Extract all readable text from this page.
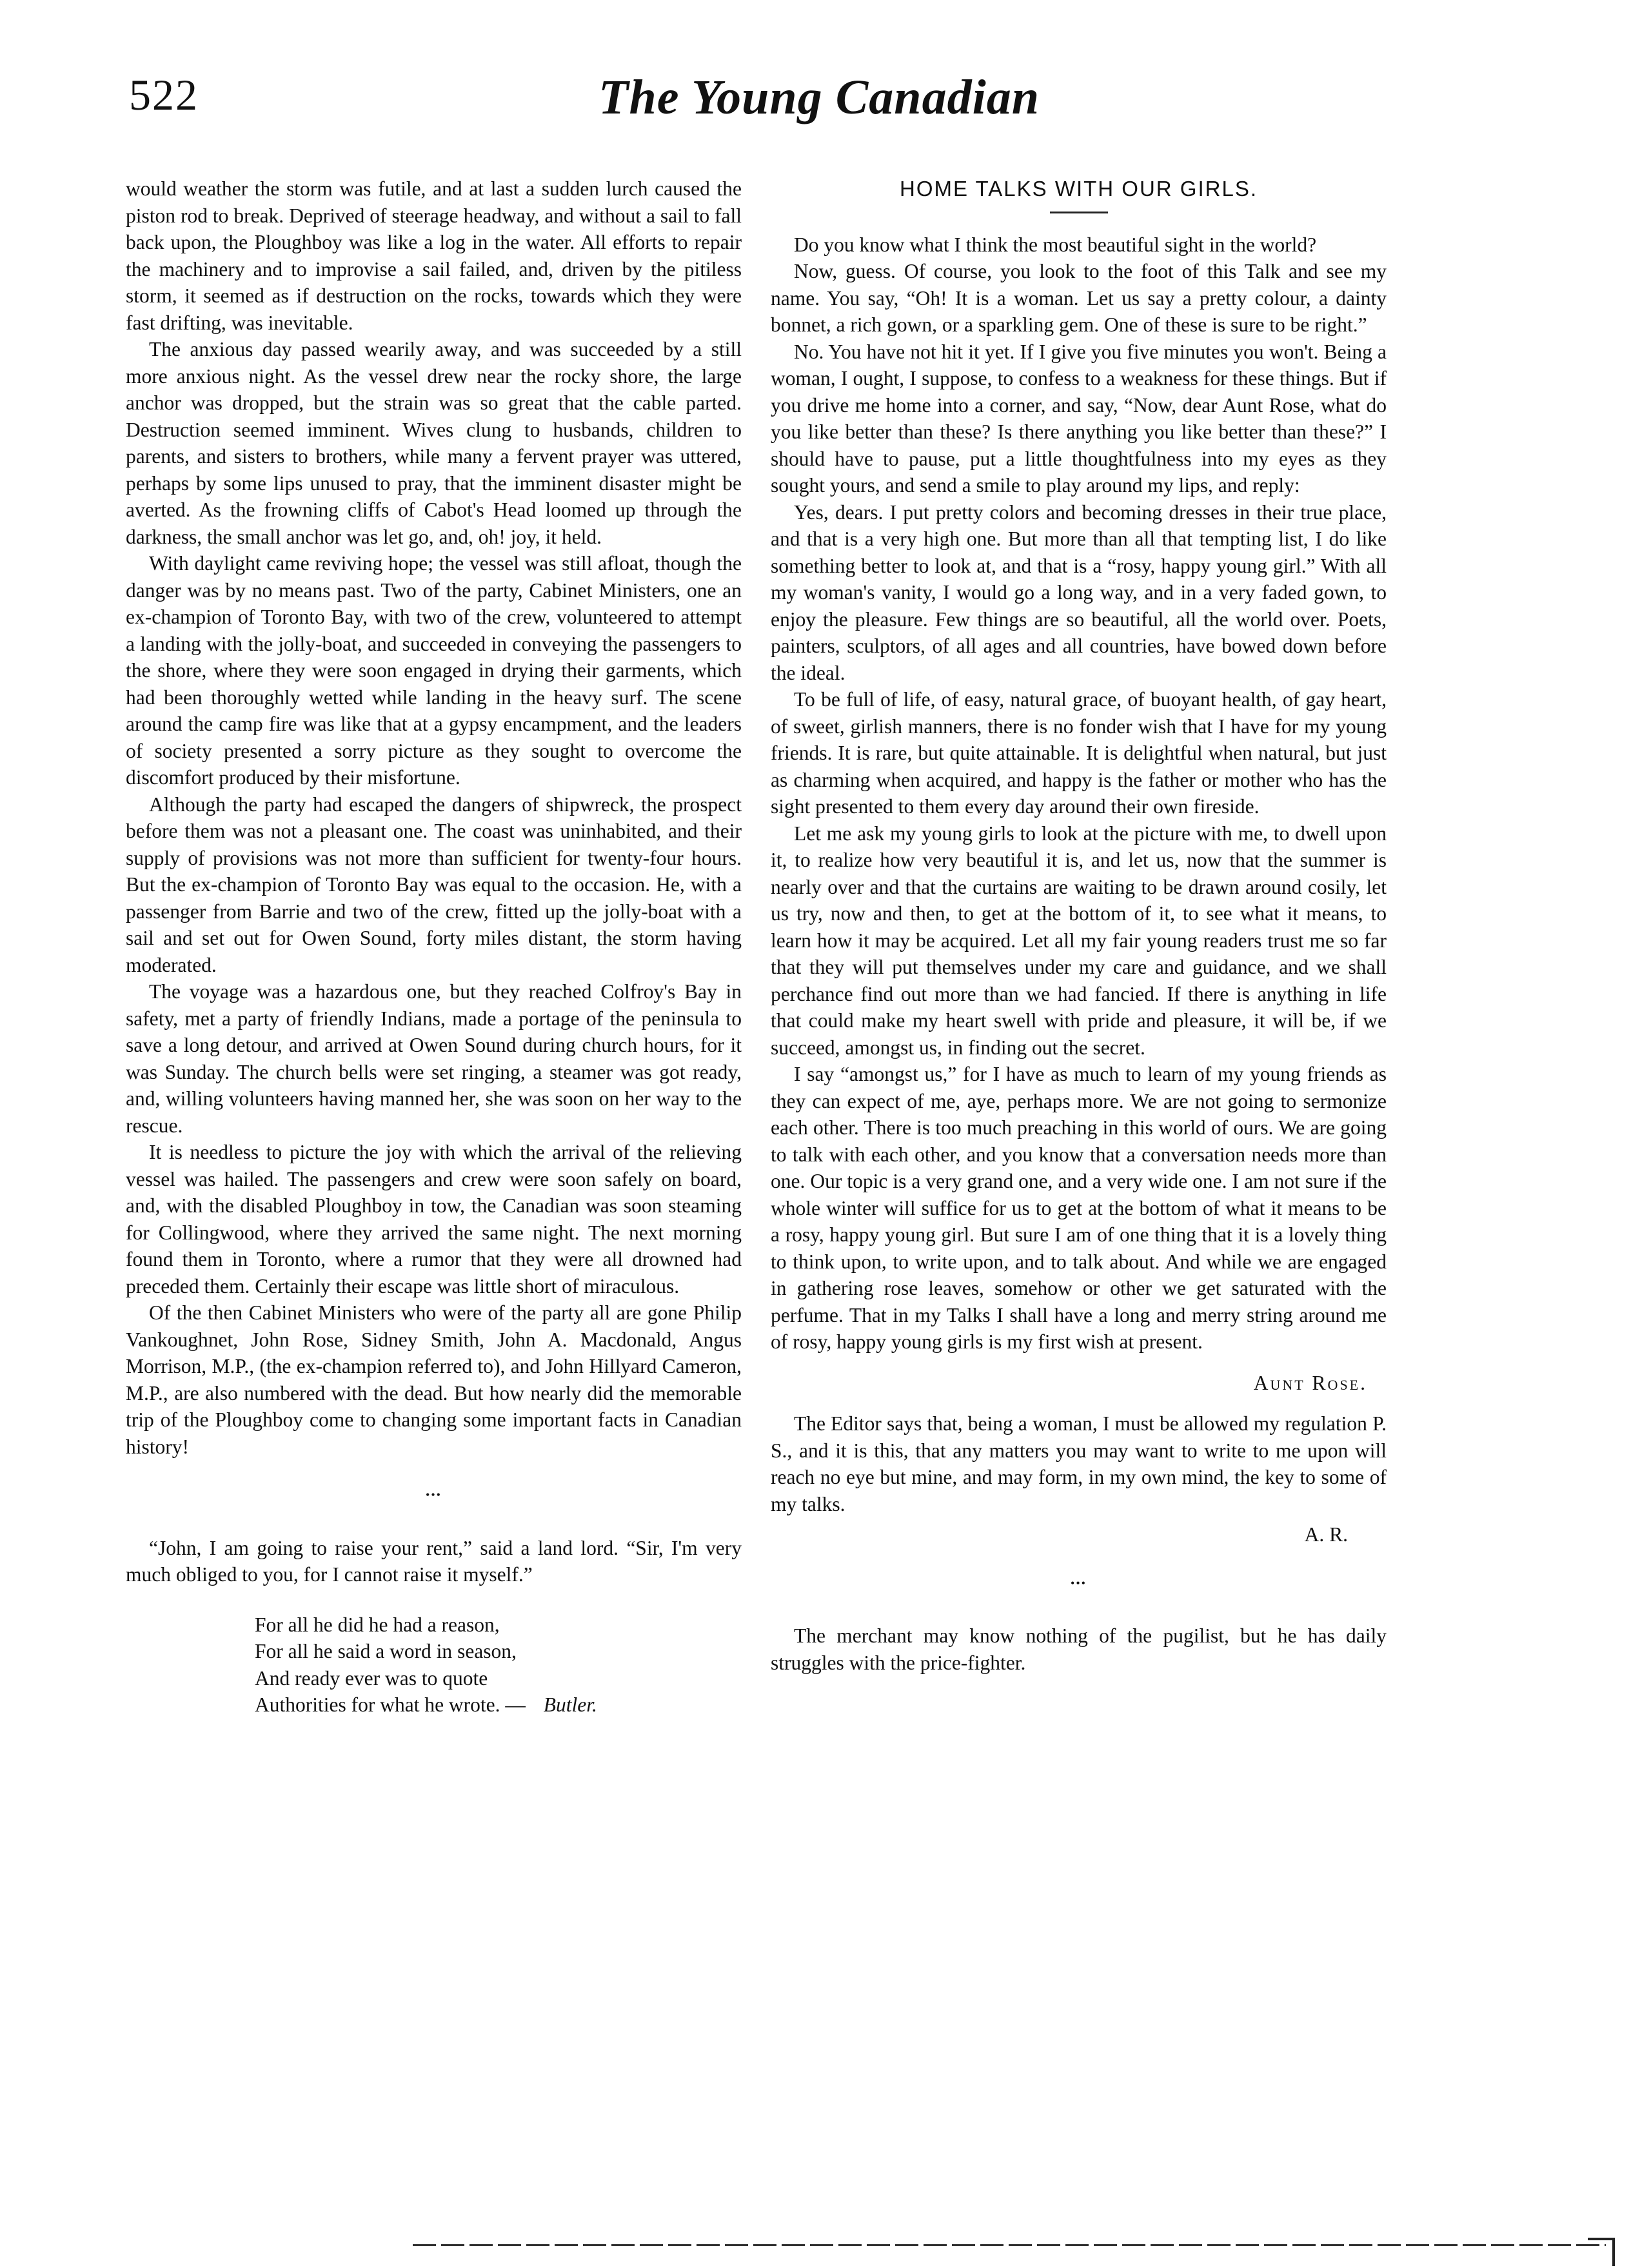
522	The Young Canadian

would weather the storm was futile, and at last a sudden lurch caused the piston rod to break. Deprived of steerage headway, and without a sail to fall back upon, the Ploughboy was like a log in the water. All efforts to repair the machinery and to improvise a sail failed, and, driven by the pitiless storm, it seemed as if destruction on the rocks, towards which they were fast drifting, was inevitable.

The anxious day passed wearily away, and was succeeded by a still more anxious night. As the vessel drew near the rocky shore, the large anchor was dropped, but the strain was so great that the cable parted. Destruction seemed imminent. Wives clung to husbands, children to parents, and sisters to brothers, while many a fervent prayer was uttered, perhaps by some lips unused to pray, that the imminent disaster might be averted. As the frowning cliffs of Cabot's Head loomed up through the darkness, the small anchor was let go, and, oh! joy, it held.

With daylight came reviving hope; the vessel was still afloat, though the danger was by no means past. Two of the party, Cabinet Ministers, one an ex-champion of Toronto Bay, with two of the crew, volunteered to attempt a landing with the jolly-boat, and succeeded in conveying the passengers to the shore, where they were soon engaged in drying their garments, which had been thoroughly wetted while landing in the heavy surf. The scene around the camp fire was like that at a gypsy encampment, and the leaders of society presented a sorry picture as they sought to overcome the discomfort produced by their misfortune.

Although the party had escaped the dangers of shipwreck, the prospect before them was not a pleasant one. The coast was uninhabited, and their supply of provisions was not more than sufficient for twenty-four hours. But the ex-champion of Toronto Bay was equal to the occasion. He, with a passenger from Barrie and two of the crew, fitted up the jolly-boat with a sail and set out for Owen Sound, forty miles distant, the storm having moderated.

The voyage was a hazardous one, but they reached Colfroy's Bay in safety, met a party of friendly Indians, made a portage of the peninsula to save a long detour, and arrived at Owen Sound during church hours, for it was Sunday. The church bells were set ringing, a steamer was got ready, and, willing volunteers having manned her, she was soon on her way to the rescue.

It is needless to picture the joy with which the arrival of the relieving vessel was hailed. The passengers and crew were soon safely on board, and, with the disabled Ploughboy in tow, the Canadian was soon steaming for Collingwood, where they arrived the same night. The next morning found them in Toronto, where a rumor that they were all drowned had preceded them. Certainly their escape was little short of miraculous.

Of the then Cabinet Ministers who were of the party all are gone Philip Vankoughnet, John Rose, Sidney Smith, John A. Macdonald, Angus Morrison, M.P., (the ex-champion referred to), and John Hillyard Cameron, M.P., are also numbered with the dead. But how nearly did the memorable trip of the Ploughboy come to changing some important facts in Canadian history!

•••

“John, I am going to raise your rent,” said a land lord. “Sir, I'm very much obliged to you, for I cannot raise it myself.”

For all he did he had a reason,
For all he said a word in season,
And ready ever was to quote
Authorities for what he wrote. — Butler.
HOME TALKS WITH OUR GIRLS.

Do you know what I think the most beautiful sight in the world?

Now, guess. Of course, you look to the foot of this Talk and see my name. You say, “Oh! It is a woman. Let us say a pretty colour, a dainty bonnet, a rich gown, or a sparkling gem. One of these is sure to be right.”

No. You have not hit it yet. If I give you five minutes you won't. Being a woman, I ought, I suppose, to confess to a weakness for these things. But if you drive me home into a corner, and say, “Now, dear Aunt Rose, what do you like better than these? Is there anything you like better than these?” I should have to pause, put a little thoughtfulness into my eyes as they sought yours, and send a smile to play around my lips, and reply:

Yes, dears. I put pretty colors and becoming dresses in their true place, and that is a very high one. But more than all that tempting list, I do like something better to look at, and that is a “rosy, happy young girl.” With all my woman's vanity, I would go a long way, and in a very faded gown, to enjoy the pleasure. Few things are so beautiful, all the world over. Poets, painters, sculptors, of all ages and all countries, have bowed down before the ideal.

To be full of life, of easy, natural grace, of buoyant health, of gay heart, of sweet, girlish manners, there is no fonder wish that I have for my young friends. It is rare, but quite attainable. It is delightful when natural, but just as charming when acquired, and happy is the father or mother who has the sight presented to them every day around their own fireside.

Let me ask my young girls to look at the picture with me, to dwell upon it, to realize how very beautiful it is, and let us, now that the summer is nearly over and that the curtains are waiting to be drawn around cosily, let us try, now and then, to get at the bottom of it, to see what it means, to learn how it may be acquired. Let all my fair young readers trust me so far that they will put themselves under my care and guidance, and we shall perchance find out more than we had fancied. If there is anything in life that could make my heart swell with pride and pleasure, it will be, if we succeed, amongst us, in finding out the secret.

I say “amongst us,” for I have as much to learn of my young friends as they can expect of me, aye, perhaps more. We are not going to sermonize each other. There is too much preaching in this world of ours. We are going to talk with each other, and you know that a conversation needs more than one. Our topic is a very grand one, and a very wide one. I am not sure if the whole winter will suffice for us to get at the bottom of what it means to be a rosy, happy young girl. But sure I am of one thing that it is a lovely thing to think upon, to write upon, and to talk about. And while we are engaged in gathering rose leaves, somehow or other we get saturated with the perfume. That in my Talks I shall have a long and merry string around me of rosy, happy young girls is my first wish at present.

Aunt Rose.

The Editor says that, being a woman, I must be allowed my regulation P. S., and it is this, that any matters you may want to write to me upon will reach no eye but mine, and may form, in my own mind, the key to some of my talks.

A. R.
•••

The merchant may know nothing of the pugilist, but he has daily struggles with the price-fighter.
